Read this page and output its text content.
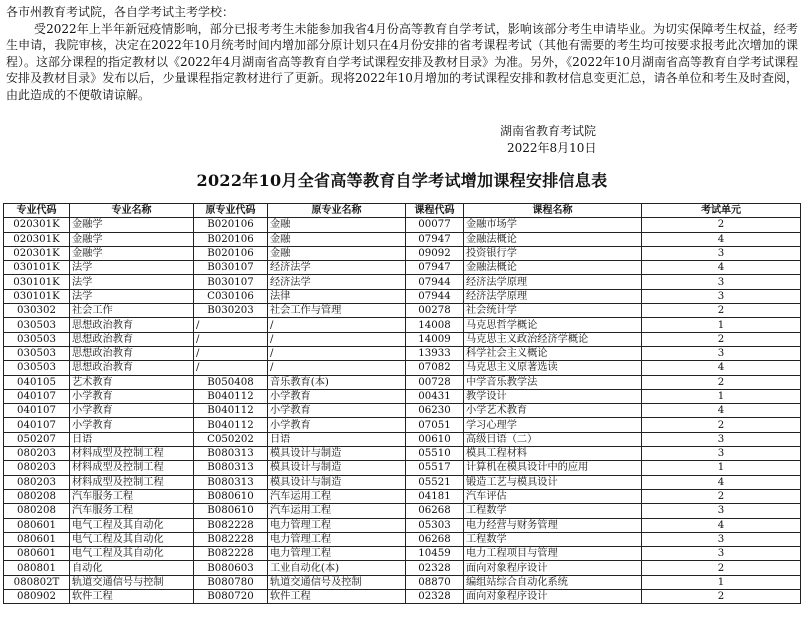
各市州教育考试院，各自学考试主考学校：

受2022年上半年新冠疫情影响，部分已报考考生未能参加我省4月份高等教育自学考试，影响该部分考生申请毕业。为切实保障考生权益，经考生申请，我院审核，决定在2022年10月统考时间内增加部分原计划只在4月份安排的省考课程考试（其他有需要的考生均可按要求报考此次增加的课程）。这部分课程的指定教材以《2022年4月湖南省高等教育自学考试课程安排及教材目录》为准。另外，《2022年10月湖南省高等教育自学考试课程安排及教材目录》发布以后，少量课程指定教材进行了更新。现将2022年10月增加的考试课程安排和教材信息变更汇总，请各单位和考生及时查阅，由此造成的不便敬请谅解。

湖南省教育考试院
2022年8月10日
2022年10月全省高等教育自学考试增加课程安排信息表
专业代码	专业名称	原专业代码	原专业名称	课程代码	课程名称	考试单元
020301K	金融学	B020106	金融	00077	金融市场学	2
020301K	金融学	B020106	金融	07947	金融法概论	4
020301K	金融学	B020106	金融	09092	投资银行学	3
030101K	法学	B030107	经济法学	07947	金融法概论	4
030101K	法学	B030107	经济法学	07944	经济法学原理	3
030101K	法学	C030106	法律	07944	经济法学原理	3
030302	社会工作	B030203	社会工作与管理	00278	社会统计学	2
030503	思想政治教育	/	/	14008	马克思哲学概论	1
030503	思想政治教育	/	/	14009	马克思主义政治经济学概论	2
030503	思想政治教育	/	/	13933	科学社会主义概论	3
030503	思想政治教育	/	/	07082	马克思主义原著选读	4
040105	艺术教育	B050408	音乐教育(本)	00728	中学音乐教学法	2
040107	小学教育	B040112	小学教育	00431	教学设计	1
040107	小学教育	B040112	小学教育	06230	小学艺术教育	4
040107	小学教育	B040112	小学教育	07051	学习心理学	2
050207	日语	C050202	日语	00610	高级日语（二）	3
080203	材料成型及控制工程	B080313	模具设计与制造	05510	模具工程材料	3
080203	材料成型及控制工程	B080313	模具设计与制造	05517	计算机在模具设计中的应用	1
080203	材料成型及控制工程	B080313	模具设计与制造	05521	锻造工艺与模具设计	4
080208	汽车服务工程	B080610	汽车运用工程	04181	汽车评估	2
080208	汽车服务工程	B080610	汽车运用工程	06268	工程数学	3
080601	电气工程及其自动化	B082228	电力管理工程	05303	电力经营与财务管理	4
080601	电气工程及其自动化	B082228	电力管理工程	06268	工程数学	3
080601	电气工程及其自动化	B082228	电力管理工程	10459	电力工程项目与管理	3
080801	自动化	B080603	工业自动化(本)	02328	面向对象程序设计	2
080802T	轨道交通信号与控制	B080780	轨道交通信号及控制	08870	编组站综合自动化系统	1
080902	软件工程	B080720	软件工程	02328	面向对象程序设计	2
